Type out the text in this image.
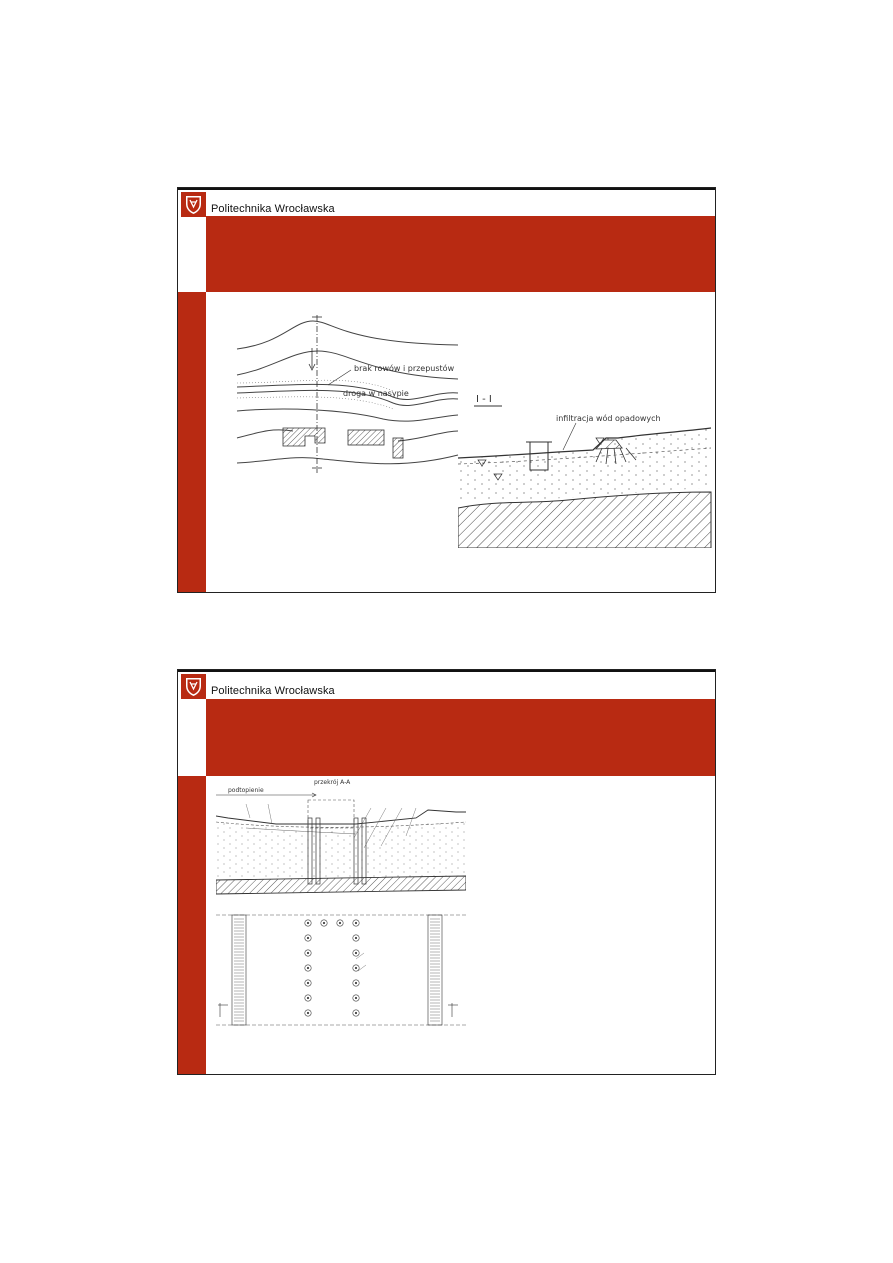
Politechnika Wrocławska
brak rowów i przepustów
droga w nasypie
I - I
infiltracja wód opadowych
Politechnika Wrocławska
przekrój A-A
podtopienie
